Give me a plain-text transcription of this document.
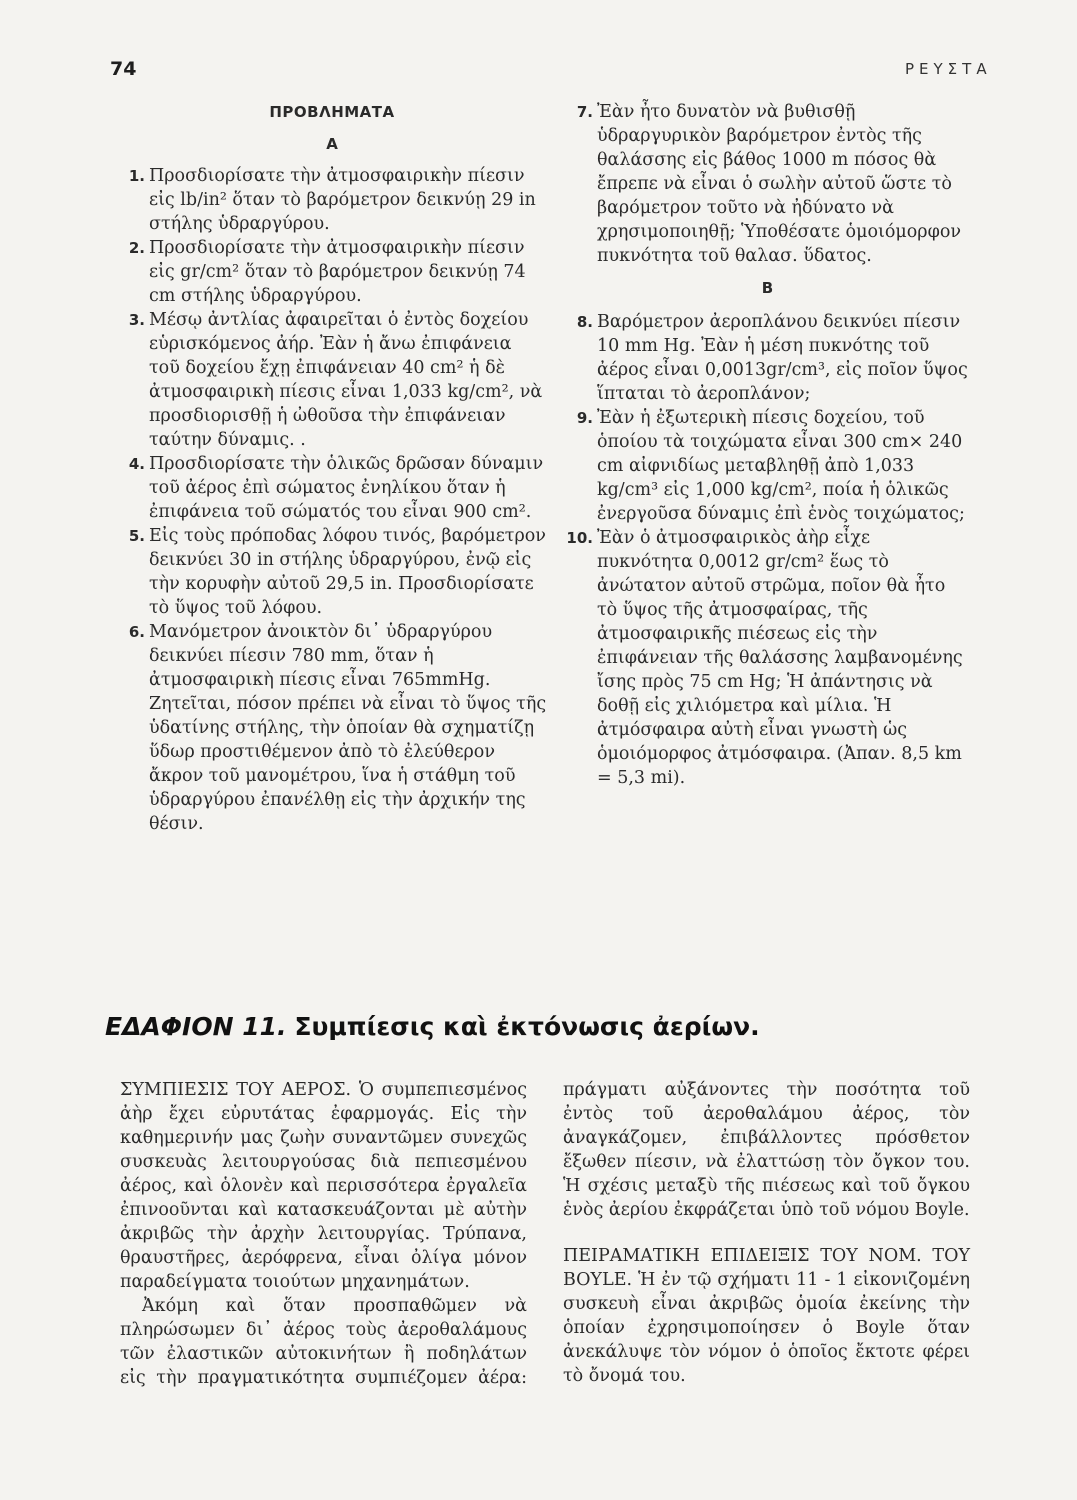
74	ΡΕΥΣΤΑ
ΠΡΟΒΛΗΜΑΤΑ
Α
1. Προσδιορίσατε τὴν ἀτμοσφαιρικὴν πίεσιν εἰς lb/in² ὅταν τὸ βαρόμετρον δεικνύῃ 29 in στήλης ὑδραργύρου.
2. Προσδιορίσατε τὴν ἀτμοσφαιρικὴν πίεσιν εἰς gr/cm² ὅταν τὸ βαρόμετρον δεικνύῃ 74 cm στήλης ὑδραργύρου.
3. Μέσῳ ἀντλίας ἀφαιρεῖται ὁ ἐντὸς δοχείου εὑρισκόμενος ἀήρ. Ἐὰν ἡ ἄνω ἐπιφάνεια τοῦ δοχείου ἔχῃ ἐπιφάνειαν 40 cm² ἡ δὲ ἀτμοσφαιρικὴ πίεσις εἶναι 1,033 kg/cm², νὰ προσδιορισθῇ ἡ ὠθοῦσα τὴν ἐπιφάνειαν ταύτην δύναμις. .
4. Προσδιορίσατε τὴν ὁλικῶς δρῶσαν δύναμιν τοῦ ἀέρος ἐπὶ σώματος ἐνηλίκου ὅταν ἡ ἐπιφάνεια τοῦ σώματός του εἶναι 900 cm².
5. Εἰς τοὺς πρόποδας λόφου τινός, βαρόμετρον δεικνύει 30 in στήλης ὑδραργύρου, ἐνῷ εἰς τὴν κορυφὴν αὐτοῦ 29,5 in. Προσδιορίσατε τὸ ὕψος τοῦ λόφου.
6. Μανόμετρον ἀνοικτὸν δι᾽ ὑδραργύρου δεικνύει πίεσιν 780 mm, ὅταν ἡ ἀτμοσφαιρικὴ πίεσις εἶναι 765mmHg. Ζητεῖται, πόσον πρέπει νὰ εἶναι τὸ ὕψος τῆς ὑδατίνης στήλης, τὴν ὁποίαν θὰ σχηματίζῃ ὕδωρ προστιθέμενον ἀπὸ τὸ ἐλεύθερον ἄκρον τοῦ μανομέτρου, ἵνα ἡ στάθμη τοῦ ὑδραργύρου ἐπανέλθῃ εἰς τὴν ἀρχικήν της θέσιν.
7. Ἐὰν ἦτο δυνατὸν νὰ βυθισθῇ ὑδραργυρικὸν βαρόμετρον ἐντὸς τῆς θαλάσσης εἰς βάθος 1000 m πόσος θὰ ἔπρεπε νὰ εἶναι ὁ σωλὴν αὐτοῦ ὥστε τὸ βαρόμετρον τοῦτο νὰ ἠδύνατο νὰ χρησιμοποιηθῇ; Ὑποθέσατε ὁμοιόμορφον πυκνότητα τοῦ θαλασ. ὕδατος.
Β
8. Βαρόμετρον ἀεροπλάνου δεικνύει πίεσιν 10 mm Hg. Ἐὰν ἡ μέση πυκνότης τοῦ ἀέρος εἶναι 0,0013gr/cm³, εἰς ποῖον ὕψος ἵπταται τὸ ἀεροπλάνον;
9. Ἐὰν ἡ ἐξωτερικὴ πίεσις δοχείου, τοῦ ὁποίου τὰ τοιχώματα εἶναι 300 cm× 240 cm αἰφνιδίως μεταβληθῇ ἀπὸ 1,033 kg/cm³ εἰς 1,000 kg/cm², ποία ἡ ὁλικῶς ἐνεργοῦσα δύναμις ἐπὶ ἑνὸς τοιχώματος;
10. Ἐὰν ὁ ἀτμοσφαιρικὸς ἀὴρ εἶχε πυκνότητα 0,0012 gr/cm² ἕως τὸ ἀνώτατον αὐτοῦ στρῶμα, ποῖον θὰ ἦτο τὸ ὕψος τῆς ἀτμοσφαίρας, τῆς ἀτμοσφαιρικῆς πιέσεως εἰς τὴν ἐπιφάνειαν τῆς θαλάσσης λαμβανομένης ἴσης πρὸς 75 cm Hg; Ἡ ἀπάντησις νὰ δοθῇ εἰς χιλιόμετρα καὶ μίλια. Ἡ ἀτμόσφαιρα αὐτὴ εἶναι γνωστὴ ὡς ὁμοιόμορφος ἀτμόσφαιρα. (Ἀπαν. 8,5 km = 5,3 mi).
ΕΔΑΦΙΟΝ 11. Συμπίεσις καὶ ἐκτόνωσις ἀερίων.

ΣΥΜΠΙΕΣΙΣ ΤΟΥ ΑΕΡΟΣ. Ὁ συμπεπιεσμένος ἀὴρ ἔχει εὐρυτάτας ἐφαρμογάς. Εἰς τὴν καθημερινήν μας ζωὴν συναντῶμεν συνεχῶς συσκευὰς λειτουργούσας διὰ πεπιεσμένου ἀέρος, καὶ ὁλονὲν καὶ περισσότερα ἐργαλεῖα ἐπινοοῦνται καὶ κατασκευάζονται μὲ αὐτὴν ἀκριβῶς τὴν ἀρχὴν λειτουργίας. Τρύπανα, θραυστῆρες, ἀερόφρενα, εἶναι ὀλίγα μόνον παραδείγματα τοιούτων μηχανημάτων.

Ἀκόμη καὶ ὅταν προσπαθῶμεν νὰ πληρώσωμεν δι᾽ ἀέρος τοὺς ἀεροθαλάμους τῶν ἐλαστικῶν αὐτοκινήτων ἢ ποδηλάτων εἰς τὴν πραγματικότητα συμπιέζομεν ἀέρα: πράγματι αὐξάνοντες τὴν ποσότητα τοῦ ἐντὸς τοῦ ἀεροθαλάμου ἀέρος, τὸν ἀναγκάζομεν, ἐπιβάλλοντες πρόσθετον ἔξωθεν πίεσιν, νὰ ἐλαττώσῃ τὸν ὄγκον του. Ἡ σχέσις μεταξὺ τῆς πιέσεως καὶ τοῦ ὄγκου ἑνὸς ἀερίου ἐκφράζεται ὑπὸ τοῦ νόμου Boyle.

ΠΕΙΡΑΜΑΤΙΚΗ ΕΠΙΔΕΙΞΙΣ ΤΟΥ ΝΟΜ. ΤΟΥ BOYLE. Ἡ ἐν τῷ σχήματι 11 - 1 εἰκονιζομένη συσκευὴ εἶναι ἀκριβῶς ὁμοία ἐκείνης τὴν ὁποίαν ἐχρησιμοποίησεν ὁ Boyle ὅταν ἀνεκάλυψε τὸν νόμον ὁ ὁποῖος ἔκτοτε φέρει τὸ ὄνομά του.
